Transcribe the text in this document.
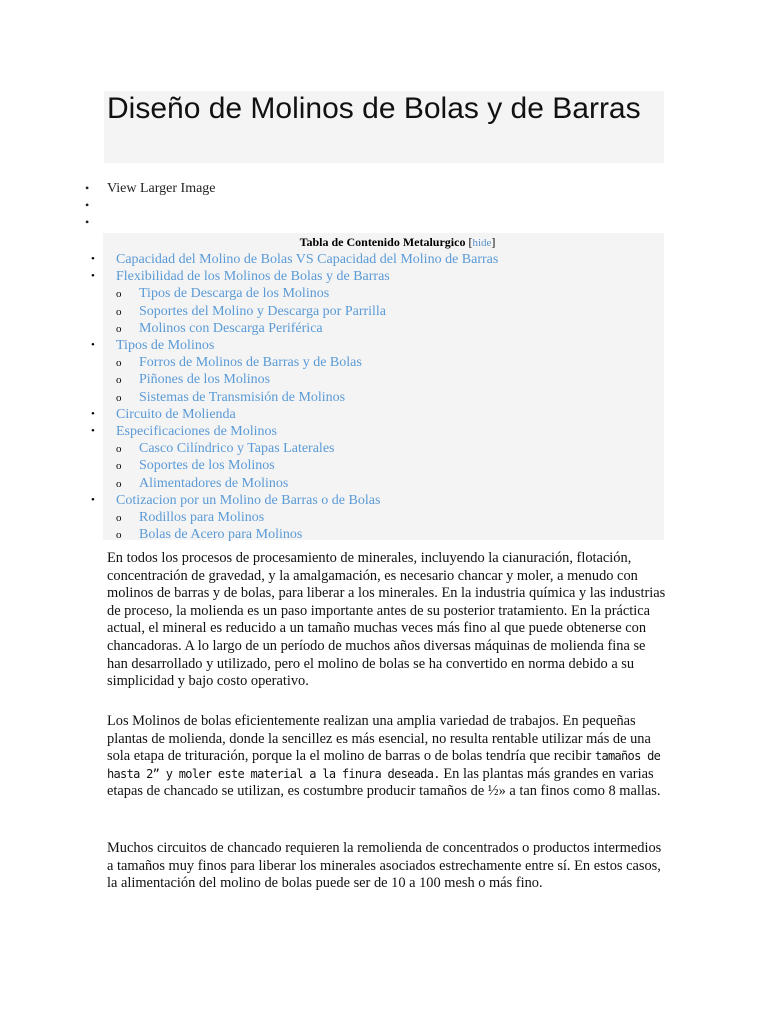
Diseño de Molinos de Bolas y de Barras
• View Larger Image
•
•
Tabla de Contenido Metalurgico [hide]
• Capacidad del Molino de Bolas VS Capacidad del Molino de Barras
• Flexibilidad de los Molinos de Bolas y de Barras
o Tipos de Descarga de los Molinos
o Soportes del Molino y Descarga por Parrilla
o Molinos con Descarga Periférica
• Tipos de Molinos
o Forros de Molinos de Barras y de Bolas
o Piñones de los Molinos
o Sistemas de Transmisión de Molinos
• Circuito de Molienda
• Especificaciones de Molinos
o Casco Cilíndrico y Tapas Laterales
o Soportes de los Molinos
o Alimentadores de Molinos
• Cotizacion por un Molino de Barras o de Bolas
o Rodillos para Molinos
o Bolas de Acero para Molinos

En todos los procesos de procesamiento de minerales, incluyendo la cianuración, flotación, concentración de gravedad, y la amalgamación, es necesario chancar y moler, a menudo con molinos de barras y de bolas, para liberar a los minerales. En la industria química y las industrias de proceso, la molienda es un paso importante antes de su posterior tratamiento. En la práctica actual, el mineral es reducido a un tamaño muchas veces más fino al que puede obtenerse con chancadoras. A lo largo de un período de muchos años diversas máquinas de molienda fina se han desarrollado y utilizado, pero el molino de bolas se ha convertido en norma debido a su simplicidad y bajo costo operativo.

Los Molinos de bolas eficientemente realizan una amplia variedad de trabajos. En pequeñas plantas de molienda, donde la sencillez es más esencial, no resulta rentable utilizar más de una sola etapa de trituración, porque la el molino de barras o de bolas tendría que recibir tamaños de hasta 2” y moler este material a la finura deseada. En las plantas más grandes en varias etapas de chancado se utilizan, es costumbre producir tamaños de ½» a tan finos como 8 mallas.

Muchos circuitos de chancado requieren la remolienda de concentrados o productos intermedios a tamaños muy finos para liberar los minerales asociados estrechamente entre sí. En estos casos, la alimentación del molino de bolas puede ser de 10 a 100 mesh o más fino.
